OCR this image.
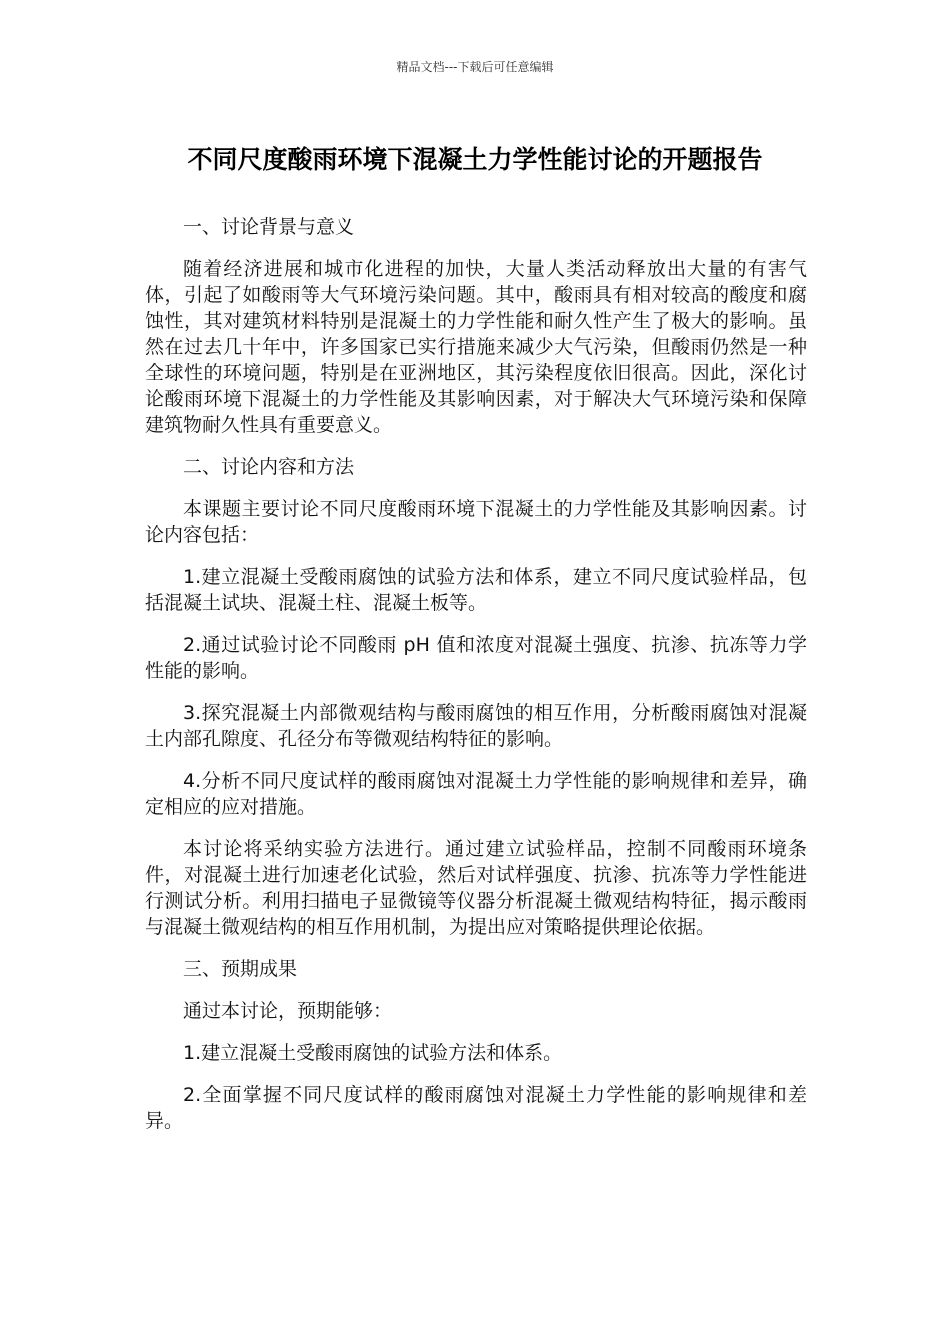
精品文档---下载后可任意编辑
不同尺度酸雨环境下混凝土力学性能讨论的开题报告

一、讨论背景与意义

随着经济进展和城市化进程的加快，大量人类活动释放出大量的有害气体，引起了如酸雨等大气环境污染问题。其中，酸雨具有相对较高的酸度和腐蚀性，其对建筑材料特别是混凝土的力学性能和耐久性产生了极大的影响。虽然在过去几十年中，许多国家已实行措施来减少大气污染，但酸雨仍然是一种全球性的环境问题，特别是在亚洲地区，其污染程度依旧很高。因此，深化讨论酸雨环境下混凝土的力学性能及其影响因素，对于解决大气环境污染和保障建筑物耐久性具有重要意义。

二、讨论内容和方法

本课题主要讨论不同尺度酸雨环境下混凝土的力学性能及其影响因素。讨论内容包括：

1.建立混凝土受酸雨腐蚀的试验方法和体系，建立不同尺度试验样品，包括混凝土试块、混凝土柱、混凝土板等。

2.通过试验讨论不同酸雨 pH 值和浓度对混凝土强度、抗渗、抗冻等力学性能的影响。

3.探究混凝土内部微观结构与酸雨腐蚀的相互作用，分析酸雨腐蚀对混凝土内部孔隙度、孔径分布等微观结构特征的影响。

4.分析不同尺度试样的酸雨腐蚀对混凝土力学性能的影响规律和差异，确定相应的应对措施。

本讨论将采纳实验方法进行。通过建立试验样品，控制不同酸雨环境条件，对混凝土进行加速老化试验，然后对试样强度、抗渗、抗冻等力学性能进行测试分析。利用扫描电子显微镜等仪器分析混凝土微观结构特征，揭示酸雨与混凝土微观结构的相互作用机制，为提出应对策略提供理论依据。

三、预期成果

通过本讨论，预期能够：

1.建立混凝土受酸雨腐蚀的试验方法和体系。

2.全面掌握不同尺度试样的酸雨腐蚀对混凝土力学性能的影响规律和差异。
